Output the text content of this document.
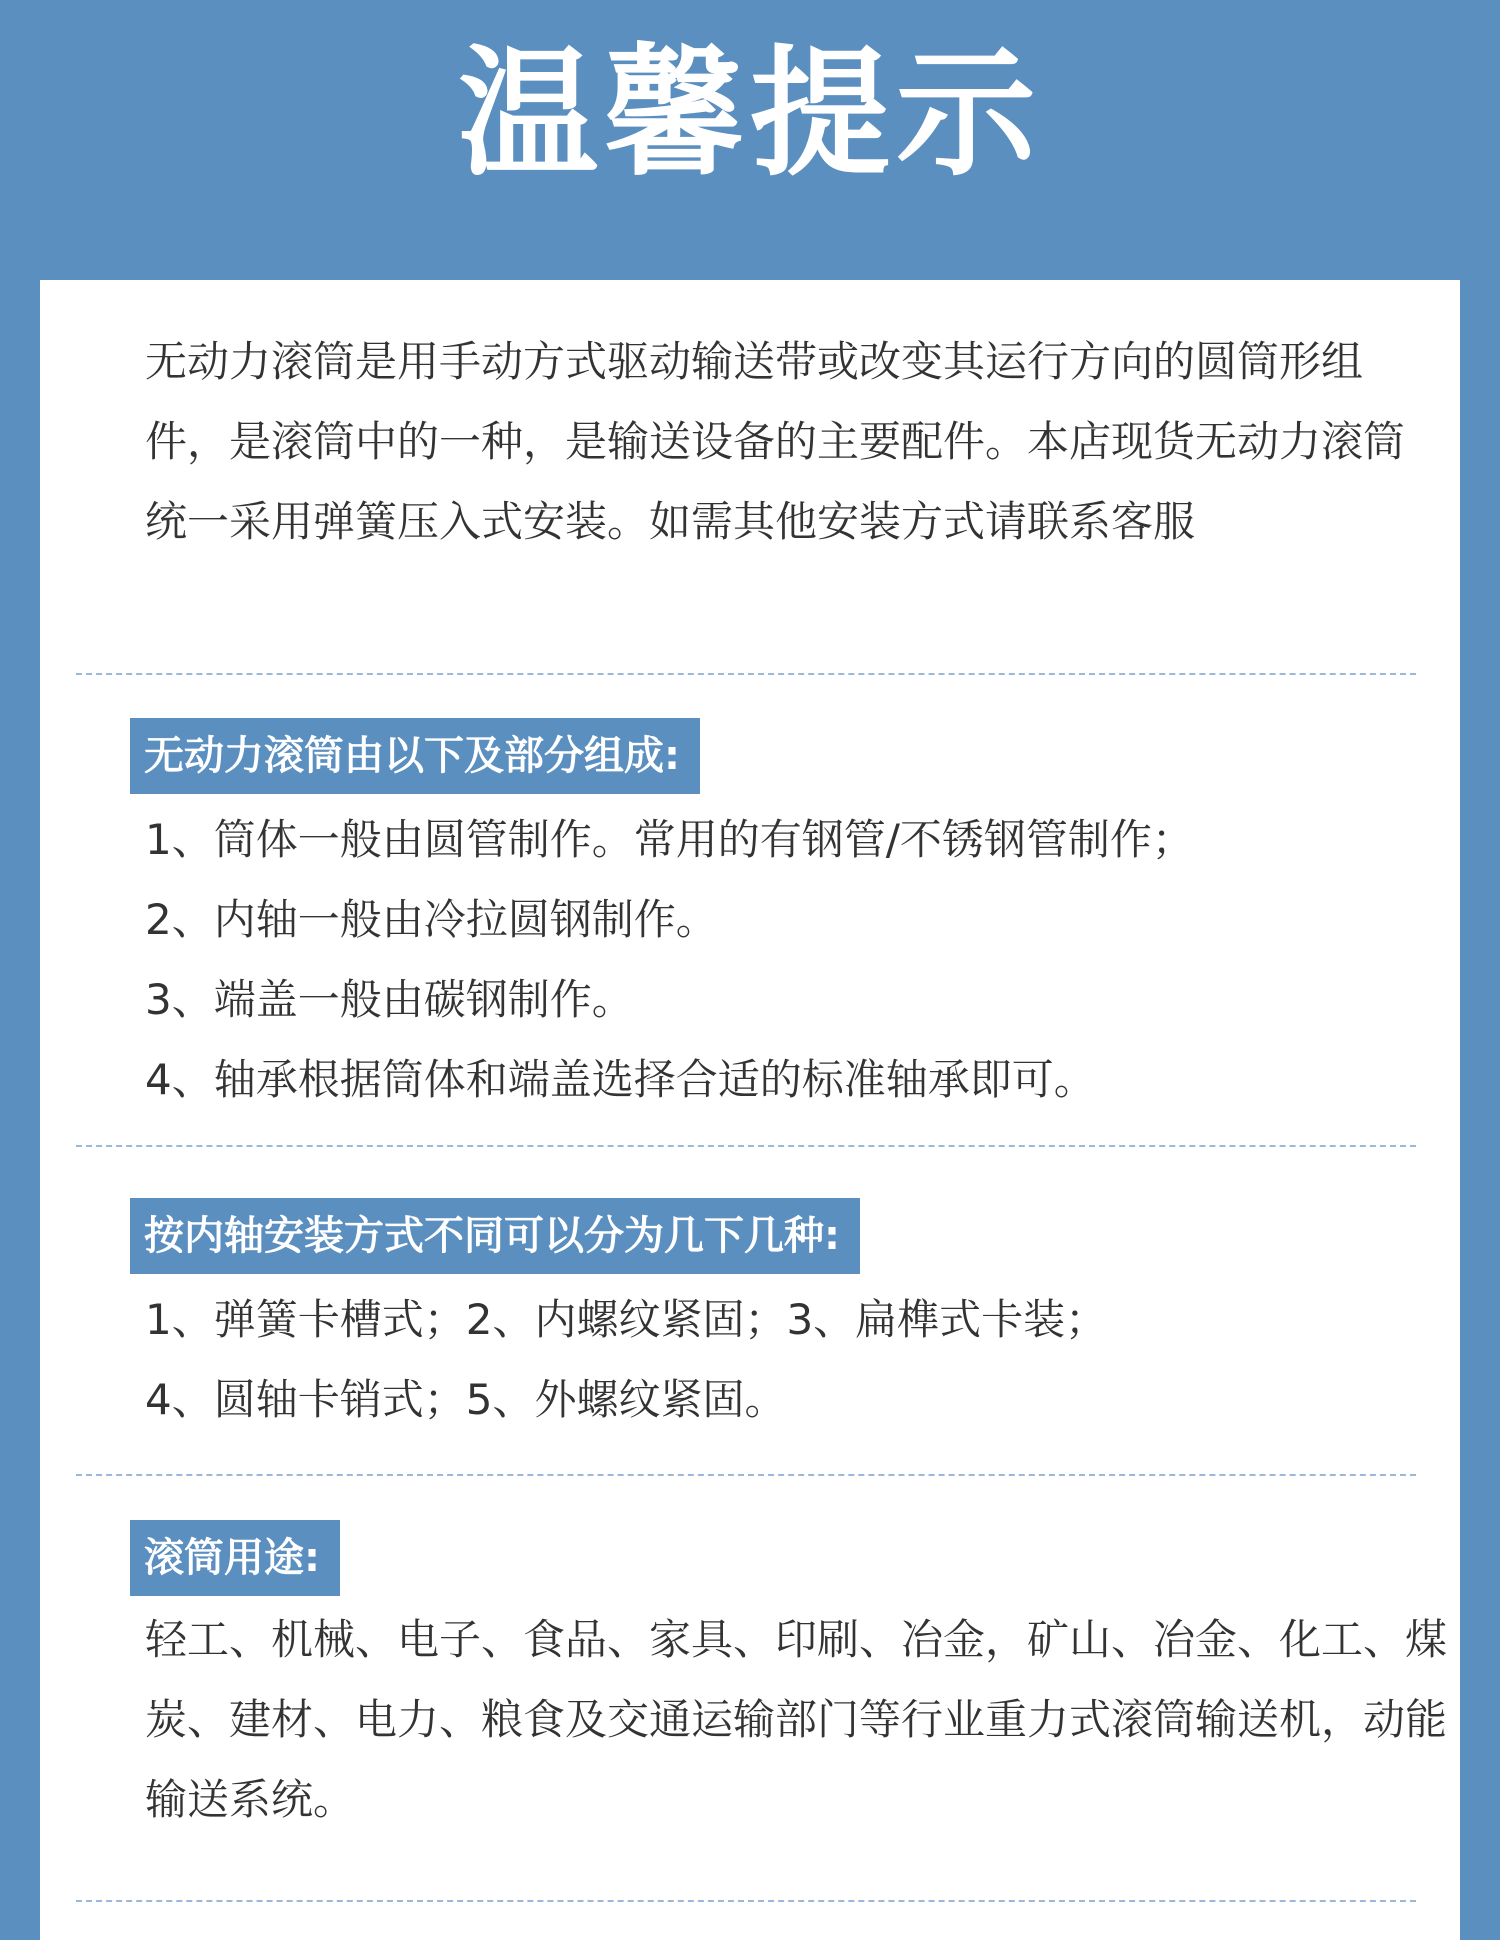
温馨提示

无动力滚筒是用手动方式驱动输送带或改变其运行方向的圆筒形组件，是滚筒中的一种，是输送设备的主要配件。本店现货无动力滚筒统一采用弹簧压入式安装。如需其他安装方式请联系客服

无动力滚筒由以下及部分组成:
1、筒体一般由圆管制作。常用的有钢管/不锈钢管制作；
2、内轴一般由冷拉圆钢制作。
3、端盖一般由碳钢制作。
4、轴承根据筒体和端盖选择合适的标准轴承即可。
按内轴安装方式不同可以分为几下几种:
1、弹簧卡槽式；2、内螺纹紧固；3、扁榫式卡装；
4、圆轴卡销式；5、外螺纹紧固。
滚筒用途:

轻工、机械、电子、食品、家具、印刷、冶金，矿山、冶金、化工、煤炭、建材、电力、粮食及交通运输部门等行业重力式滚筒输送机，动能输送系统。
